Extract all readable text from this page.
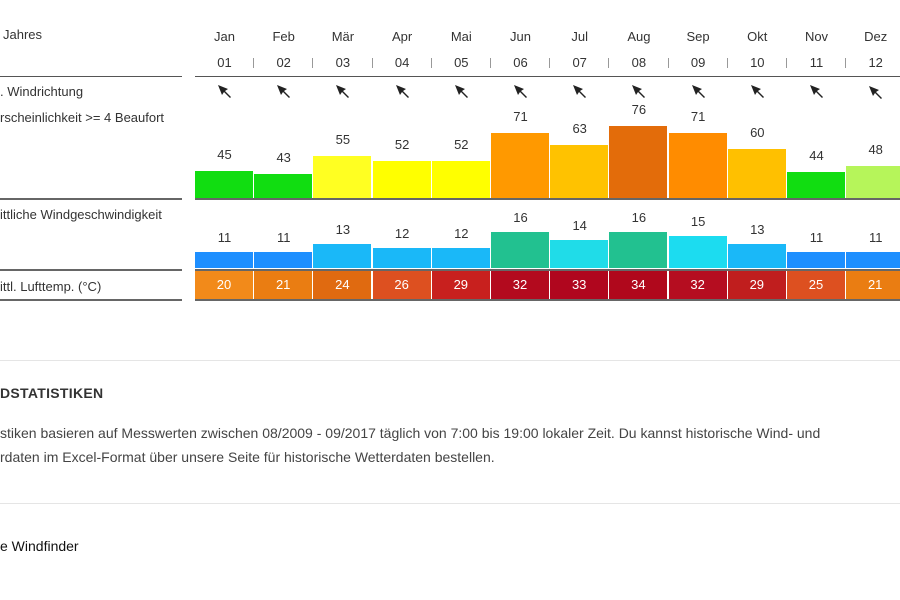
Jahres
. Windrichtung
rscheinlichkeit >= 4 Beaufort
ittliche Windgeschwindigkeit
ittl. Lufttemp. (°C)
Jan
01
45
11
20
Feb
02
43
11
21
Mär
03
55
13
24
Apr
04
52
12
26
Mai
05
52
12
29
Jun
06
71
16
32
Jul
07
63
14
33
Aug
08
76
16
34
Sep
09
71
15
32
Okt
10
60
13
29
Nov
11
44
11
25
Dez
12
48
11
21
DSTATISTIKEN
stiken basieren auf Messwerten zwischen 08/2009 - 09/2017 täglich von 7:00 bis 19:00 lokaler Zeit. Du kannst historische Wind- und
rdaten im Excel-Format über unsere Seite für historische Wetterdaten bestellen.
e Windfinder
